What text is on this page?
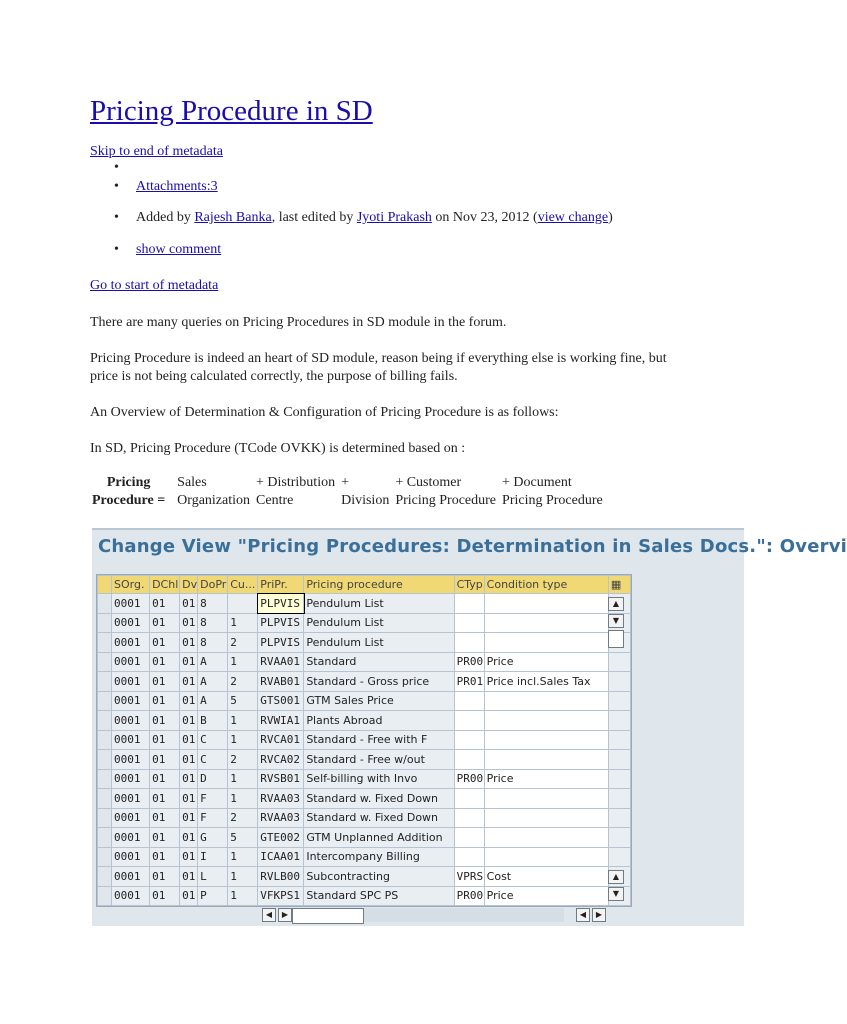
Pricing Procedure in SD
Skip to end of metadata
•
• Attachments:3
• Added by Rajesh Banka, last edited by Jyoti Prakash on Nov 23, 2012 (view change)
• show comment
Go to start of metadata
There are many queries on Pricing Procedures in SD module in the forum.
Pricing Procedure is indeed an heart of SD module, reason being if everything else is working fine, but price is not being calculated correctly, the purpose of billing fails.
An Overview of Determination & Configuration of Pricing Procedure is as follows:
In SD, Pricing Procedure (TCode OVKK) is determined based on :
Pricing	Sales	+ Distribution	+	+ Customer	+ Document
Procedure =	Organization	Centre	Division	Pricing Procedure	Pricing Procedure
Change View "Pricing Procedures: Determination in Sales Docs.": Overvi
	SOrg.	DChl	Dv	DoPr	Cu...	PriPr.	Pricing procedure	CTyp	Condition type	▦
	0001	01	01	8		PLPVIS	Pendulum List			
	0001	01	01	8	1	PLPVIS	Pendulum List			
	0001	01	01	8	2	PLPVIS	Pendulum List			
	0001	01	01	A	1	RVAA01	Standard	PR00	Price	
	0001	01	01	A	2	RVAB01	Standard - Gross price	PR01	Price incl.Sales Tax	
	0001	01	01	A	5	GTS001	GTM Sales Price			
	0001	01	01	B	1	RVWIA1	Plants Abroad			
	0001	01	01	C	1	RVCA01	Standard - Free with F			
	0001	01	01	C	2	RVCA02	Standard - Free w/out			
	0001	01	01	D	1	RVSB01	Self-billing with Invo	PR00	Price	
	0001	01	01	F	1	RVAA03	Standard w. Fixed Down			
	0001	01	01	F	2	RVAA03	Standard w. Fixed Down			
	0001	01	01	G	5	GTE002	GTM Unplanned Addition			
	0001	01	01	I	1	ICAA01	Intercompany Billing			
	0001	01	01	L	1	RVLB00	Subcontracting	VPRS	Cost	
	0001	01	01	P	1	VFKPS1	Standard SPC PS	PR00	Price	
▲
▼
▲
▼
◀	▶	◀	▶
